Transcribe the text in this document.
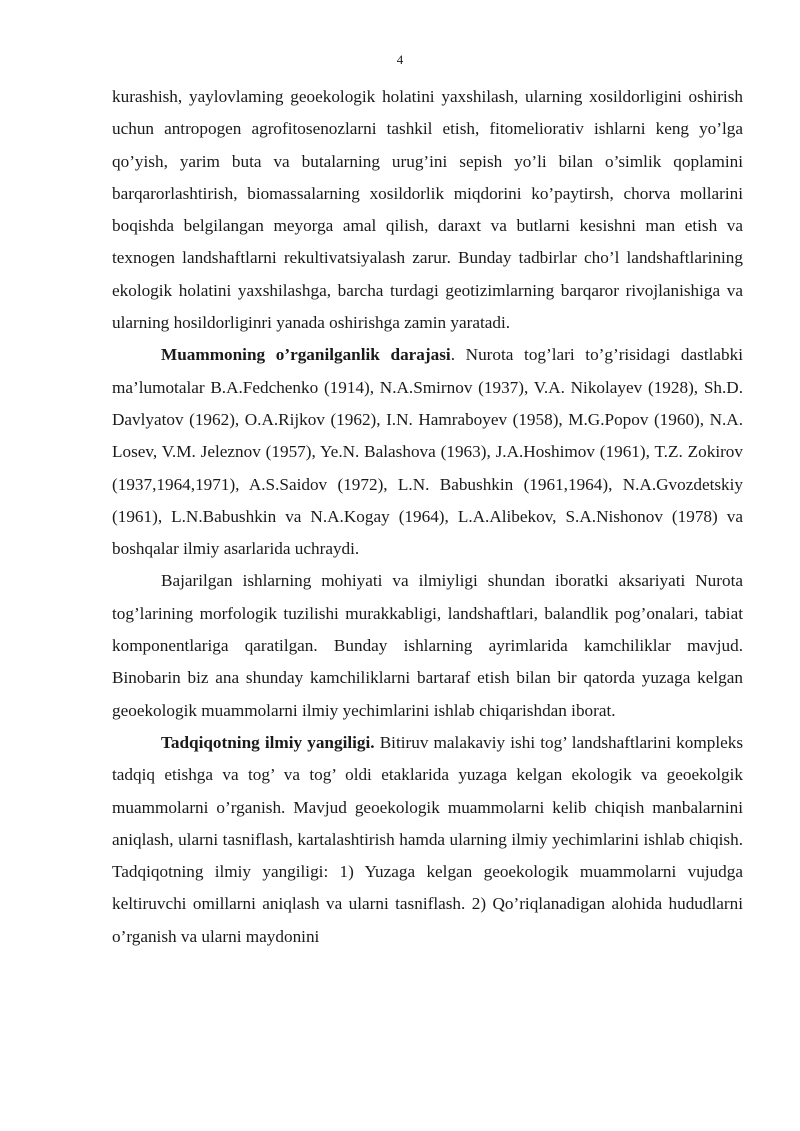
4

kurashish, yaylovlaming geoekologik holatini yaxshilash, ularning xosildorligini oshirish uchun antropogen agrofitosenozlarni tashkil etish, fitomeliorativ ishlarni keng yo’lga qo’yish, yarim buta va butalarning urug’ini sepish yo’li bilan o’simlik qoplamini barqarorlashtirish, biomassalarning xosildorlik miqdorini ko’paytirsh, chorva mollarini boqishda belgilangan meyorga amal qilish, daraxt va butlarni kesishni man etish va texnogen landshaftlarni rekultivatsiyalash zarur. Bunday tadbirlar cho’l landshaftlarining ekologik holatini yaxshilashga, barcha turdagi geotizimlarning barqaror rivojlanishiga va ularning hosildorliginri yanada oshirishga zamin yaratadi.

Muammoning o’rganilganlik darajasi. Nurota tog’lari to’g’risidagi dastlabki ma’lumotalar B.A.Fedchenko (1914), N.A.Smirnov (1937), V.A. Nikolayev (1928), Sh.D. Davlyatov (1962), O.A.Rijkov (1962), I.N. Hamraboyev (1958), M.G.Popov (1960), N.A. Losev, V.M. Jeleznov (1957), Ye.N. Balashova (1963), J.A.Hoshimov (1961), T.Z. Zokirov (1937,1964,1971), A.S.Saidov (1972), L.N. Babushkin (1961,1964), N.A.Gvozdetskiy (1961), L.N.Babushkin va N.A.Kogay (1964), L.A.Alibekov, S.A.Nishonov (1978) va boshqalar ilmiy asarlarida uchraydi.

Bajarilgan ishlarning mohiyati va ilmiyligi shundan iboratki aksariyati Nurota tog’larining morfologik tuzilishi murakkabligi, landshaftlari, balandlik pog’onalari, tabiat komponentlariga qaratilgan. Bunday ishlarning ayrimlarida kamchiliklar mavjud. Binobarin biz ana shunday kamchiliklarni bartaraf etish bilan bir qatorda yuzaga kelgan geoekologik muammolarni ilmiy yechimlarini ishlab chiqarishdan iborat.

Tadqiqotning ilmiy yangiligi. Bitiruv malakaviy ishi tog’ landshaftlarini kompleks tadqiq etishga va tog’ va tog’ oldi etaklarida yuzaga kelgan ekologik va geoekolgik muammolarni o’rganish. Mavjud geoekologik muammolarni kelib chiqish manbalarnini aniqlash, ularni tasniflash, kartalashtirish hamda ularning ilmiy yechimlarini ishlab chiqish. Tadqiqotning ilmiy yangiligi: 1) Yuzaga kelgan geoekologik muammolarni vujudga keltiruvchi omillarni aniqlash va ularni tasniflash. 2) Qo’riqlanadigan alohida hududlarni o’rganish va ularni maydonini
